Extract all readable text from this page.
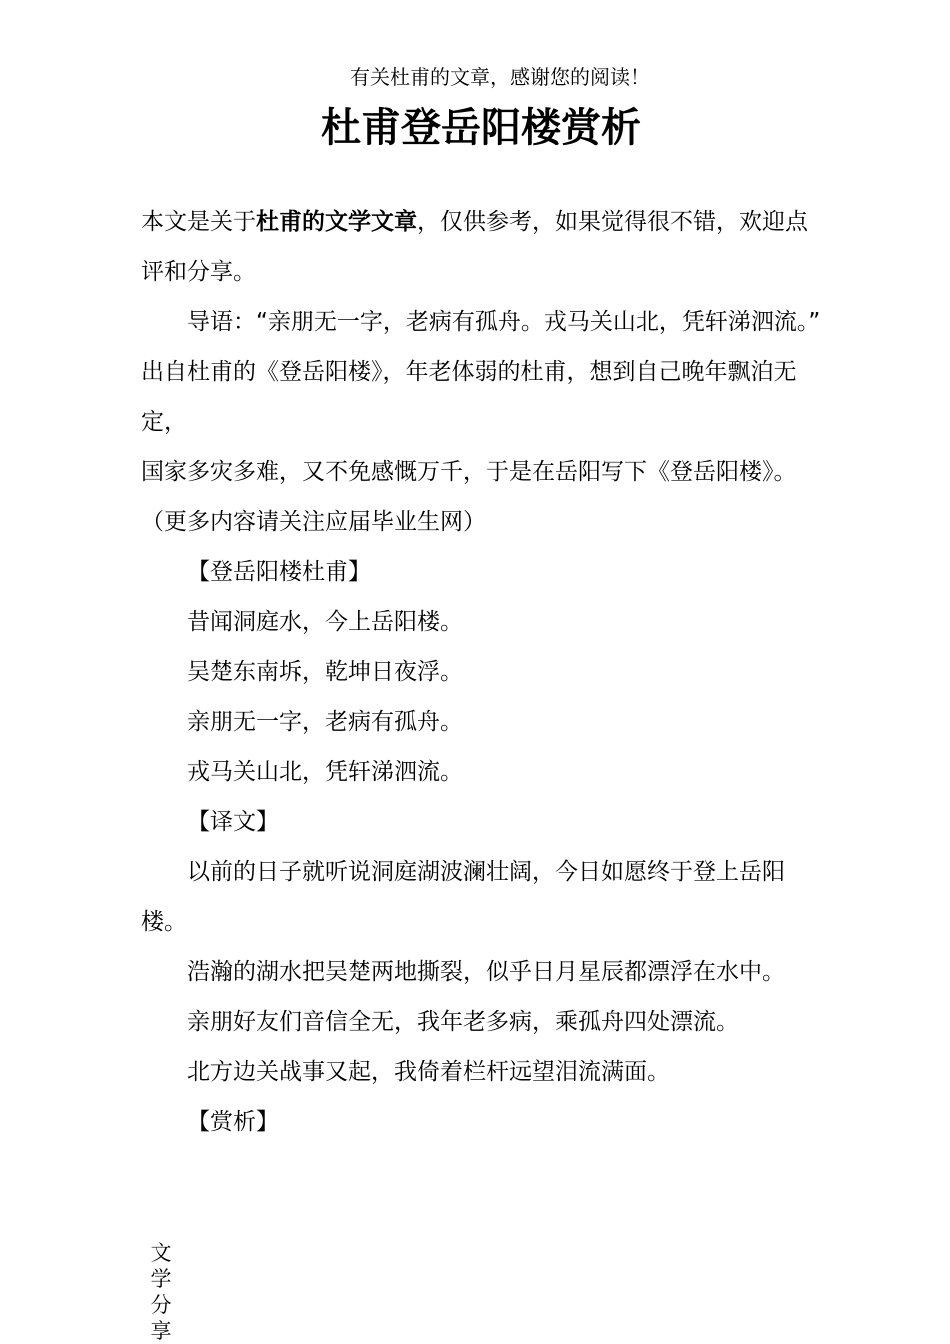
有关杜甫的文章，感谢您的阅读！
杜甫登岳阳楼赏析

本文是关于杜甫的文学文章，仅供参考，如果觉得很不错，欢迎点评和分享。

导语：“亲朋无一字，老病有孤舟。戎马关山北，凭轩涕泗流。”

出自杜甫的《登岳阳楼》，年老体弱的杜甫，想到自己晚年飘泊无定，

国家多灾多难，又不免感慨万千，于是在岳阳写下《登岳阳楼》。（更多内容请关注应届毕业生网）

【登岳阳楼杜甫】

昔闻洞庭水，今上岳阳楼。

吴楚东南坼，乾坤日夜浮。

亲朋无一字，老病有孤舟。

戎马关山北，凭轩涕泗流。

【译文】

以前的日子就听说洞庭湖波澜壮阔，今日如愿终于登上岳阳楼。

浩瀚的湖水把吴楚两地撕裂，似乎日月星辰都漂浮在水中。

亲朋好友们音信全无，我年老多病，乘孤舟四处漂流。

北方边关战事又起，我倚着栏杆远望泪流满面。

【赏析】

文
学
分
享
